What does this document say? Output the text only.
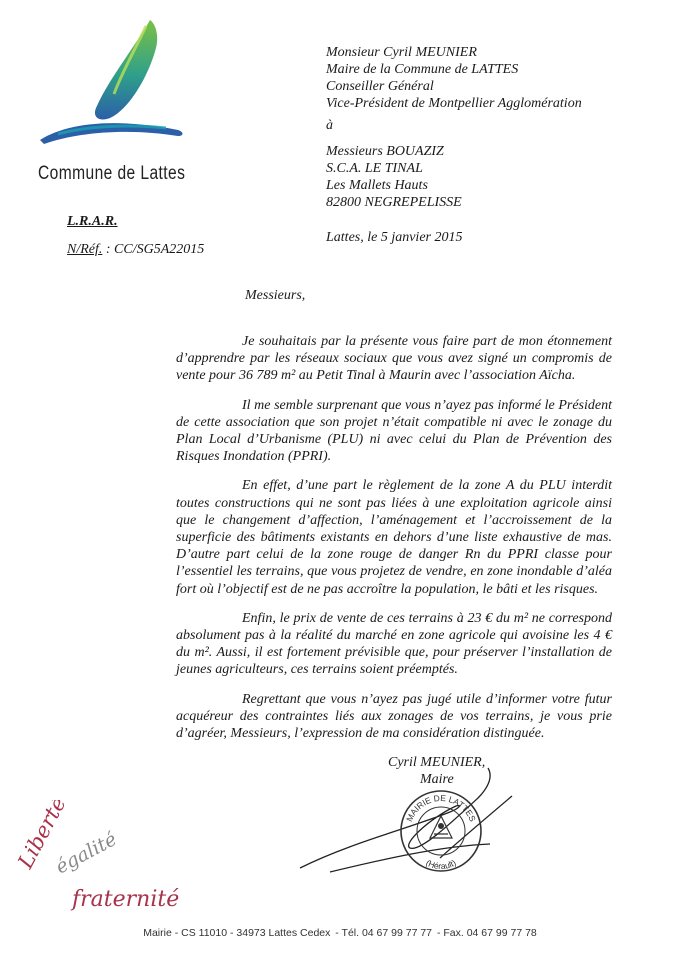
Commune de Lattes
Monsieur Cyril MEUNIER
Maire de la Commune de LATTES
Conseiller Général
Vice-Président de Montpellier Agglomération
à
Messieurs BOUAZIZ
S.C.A. LE TINAL
Les Mallets Hauts
82800 NEGREPELISSE
Lattes, le 5 janvier 2015
L.R.A.R.
N/Réf. : CC/SG5A22015
Messieurs,

Je souhaitais par la présente vous faire part de mon étonnement d’apprendre par les réseaux sociaux que vous avez signé un compromis de vente pour 36 789 m² au Petit Tinal à Maurin avec l’association Aïcha.

Il me semble surprenant que vous n’ayez pas informé le Président de cette association que son projet n’était compatible ni avec le zonage du Plan Local d’Urbanisme (PLU) ni avec celui du Plan de Prévention des Risques Inondation (PPRI).

En effet, d’une part le règlement de la zone A du PLU interdit toutes constructions qui ne sont pas liées à une exploitation agricole ainsi que le changement d’affection, l’aménagement et l’accroissement de la superficie des bâtiments existants en dehors d’une liste exhaustive de mas. D’autre part celui de la zone rouge de danger Rn du PPRI classe pour l’essentiel les terrains, que vous projetez de vendre, en zone inondable d’aléa fort où l’objectif est de ne pas accroître la population, le bâti et les risques.

Enfin, le prix de vente de ces terrains à 23 € du m² ne correspond absolument pas à la réalité du marché en zone agricole qui avoisine les 4 € du m². Aussi, il est fortement prévisible que, pour préserver l’installation de jeunes agriculteurs, ces terrains soient préemptés.

Regrettant que vous n’ayez pas jugé utile d’informer votre futur acquéreur des contraintes liés aux zonages de vos terrains, je vous prie d’agréer, Messieurs, l’expression de ma considération distinguée.

Cyril MEUNIER,
Maire
MAIRIE DE LATTES
(Hérault)
Liberté
égalité
fraternité
Mairie - CS 11010 - 34973 Lattes Cedex - Tél. 04 67 99 77 77 - Fax. 04 67 99 77 78
